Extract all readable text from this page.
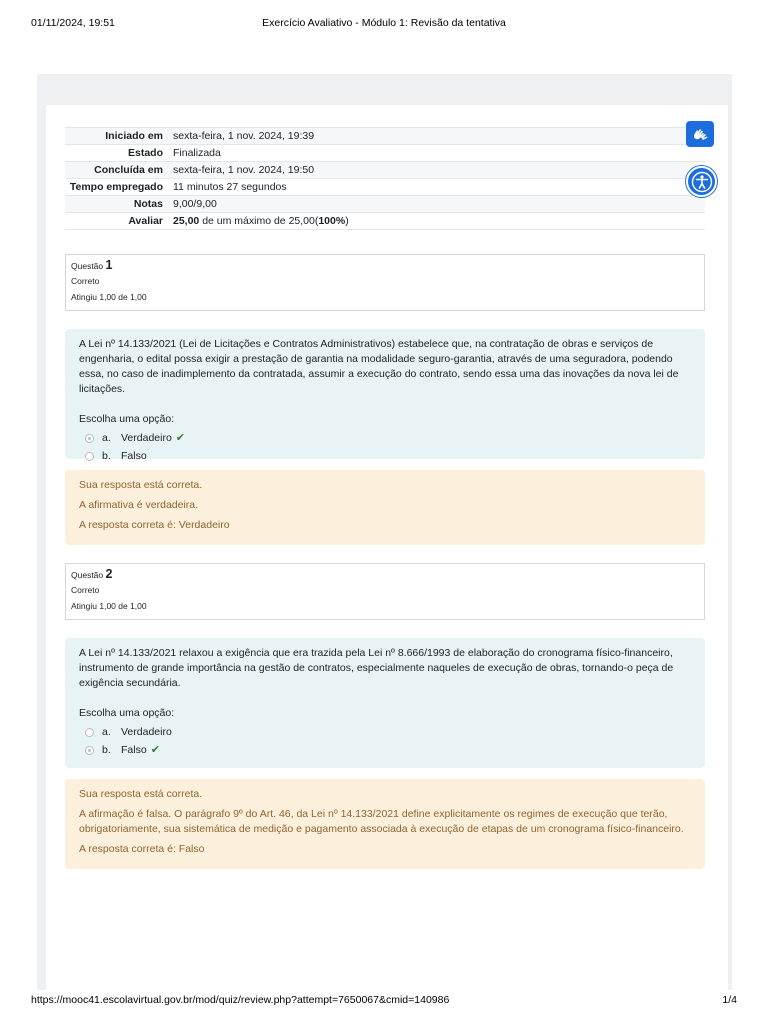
01/11/2024, 19:51	Exercício Avaliativo - Módulo 1: Revisão da tentativa
Iniciado em	sexta-feira, 1 nov. 2024, 19:39
Estado	Finalizada
Concluída em	sexta-feira, 1 nov. 2024, 19:50
Tempo empregado	11 minutos 27 segundos
Notas	9,00/9,00
Avaliar	25,00 de um máximo de 25,00(100%)
Questão 1
Correto
Atingiu 1,00 de 1,00

A Lei nº 14.133/2021 (Lei de Licitações e Contratos Administrativos) estabelece que, na contratação de obras e serviços de engenharia, o edital possa exigir a prestação de garantia na modalidade seguro-garantia, através de uma seguradora, podendo essa, no caso de inadimplemento da contratada, assumir a execução do contrato, sendo essa uma das inovações da nova lei de licitações.

Escolha uma opção:
a. Verdadeiro ✔
b. Falso

Sua resposta está correta.

A afirmativa é verdadeira.

A resposta correta é: Verdadeiro

Questão 2
Correto
Atingiu 1,00 de 1,00

A Lei nº 14.133/2021 relaxou a exigência que era trazida pela Lei nº 8.666/1993 de elaboração do cronograma físico-financeiro, instrumento de grande importância na gestão de contratos, especialmente naqueles de execução de obras, tornando-o peça de exigência secundária.

Escolha uma opção:
a. Verdadeiro
b. Falso ✔

Sua resposta está correta.

A afirmação é falsa. O parágrafo 9º do Art. 46, da Lei nº 14.133/2021 define explicitamente os regimes de execução que terão, obrigatoriamente, sua sistemática de medição e pagamento associada à execução de etapas de um cronograma físico-financeiro.

A resposta correta é: Falso

https://mooc41.escolavirtual.gov.br/mod/quiz/review.php?attempt=7650067&cmid=140986	1/4
